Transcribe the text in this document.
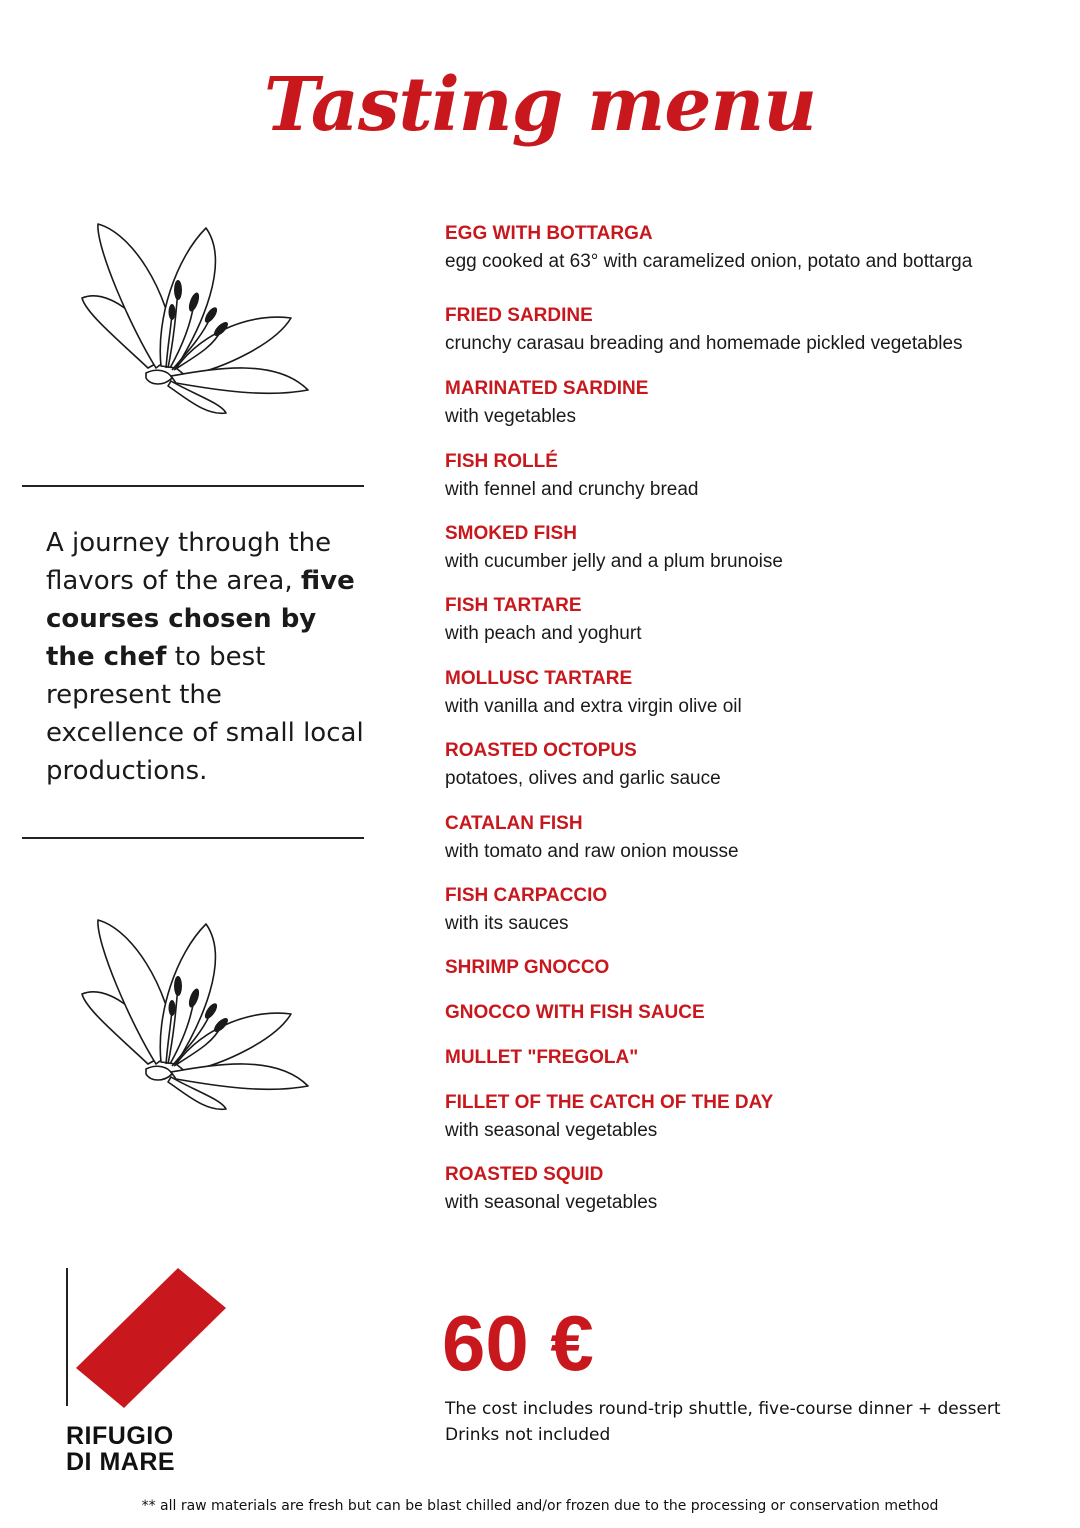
Tasting menu

A journey through the flavors of the area, five courses chosen by the chef to best represent the excellence of small local productions.

EGG WITH BOTTARGA
egg cooked at 63° with caramelized onion, potato and bottarga
FRIED SARDINE
crunchy carasau breading and homemade pickled vegetables
MARINATED SARDINE
with vegetables
FISH ROLLÉ
with fennel and crunchy bread
SMOKED FISH
with cucumber jelly and a plum brunoise
FISH TARTARE
with peach and yoghurt
MOLLUSC TARTARE
with vanilla and extra virgin olive oil
ROASTED OCTOPUS
potatoes, olives and garlic sauce
CATALAN FISH
with tomato and raw onion mousse
FISH CARPACCIO
with its sauces
SHRIMP GNOCCO
GNOCCO WITH FISH SAUCE
MULLET "FREGOLA"
FILLET OF THE CATCH OF THE DAY
with seasonal vegetables
ROASTED SQUID
with seasonal vegetables
RIFUGIO
DI MARE
60 €
The cost includes round-trip shuttle, five-course dinner + dessert
Drinks not included

** all raw materials are fresh but can be blast chilled and/or frozen due to the processing or conservation method
